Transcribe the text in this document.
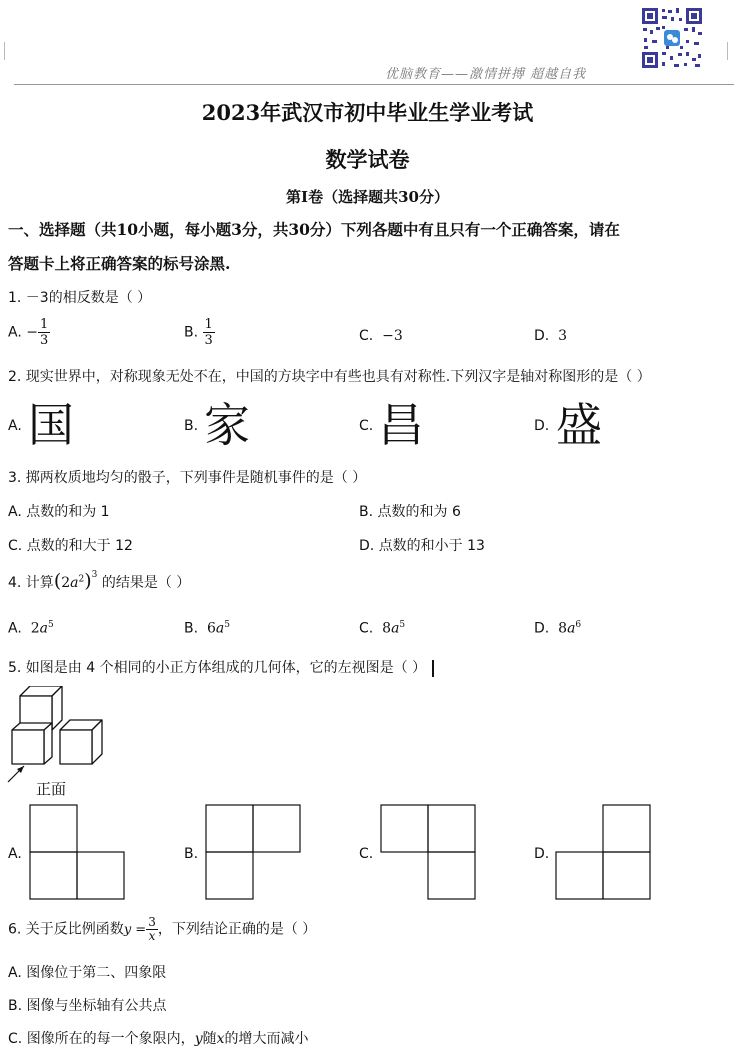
优脑教育——激情拼搏 超越自我
2023年武汉市初中毕业生学业考试
数学试卷
第Ⅰ卷（选择题共30分）
一、选择题（共10小题，每小题3分，共30分）下列各题中有且只有一个正确答案，请在
答题卡上将正确答案的标号涂黑.
1. －3的相反数是（ ）
A. − $\frac{1}{3}$	B. $\frac{1}{3}$	C. −3	D. 3
2. 现实世界中，对称现象无处不在，中国的方块字中有些也具有对称性.下列汉字是轴对称图形的是（ ）
A. 国	B. 家	C. 昌	D. 盛
3. 掷两枚质地均匀的骰子，下列事件是随机事件的是（ ）
A. 点数的和为 1	B. 点数的和为 6
C. 点数的和大于 12	D. 点数的和小于 13
4. 计算$(2a^2)^3$ 的结果是（ ）
A. $2a^5$	B. $6a^5$	C. $8a^5$	D. $8a^6$
5. 如图是由 4 个相同的小正方体组成的几何体，它的左视图是（ ）
正面
A.	B.	C.	D.
6. 关于反比例函数$y = \frac{3}{x}$ ，下列结论正确的是（ ）
A. 图像位于第二、四象限
B. 图像与坐标轴有公共点
C. 图像所在的每一个象限内，y随x的增大而减小
